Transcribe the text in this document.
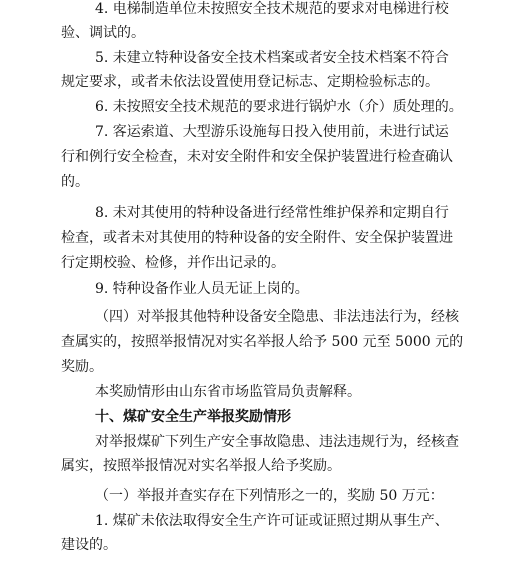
4. 电梯制造单位未按照安全技术规范的要求对电梯进行校
验、调试的。
5. 未建立特种设备安全技术档案或者安全技术档案不符合
规定要求，或者未依法设置使用登记标志、定期检验标志的。
6. 未按照安全技术规范的要求进行锅炉水（介）质处理的。
7. 客运索道、大型游乐设施每日投入使用前，未进行试运
行和例行安全检查，未对安全附件和安全保护装置进行检查确认
的。
8. 未对其使用的特种设备进行经常性维护保养和定期自行
检查，或者未对其使用的特种设备的安全附件、安全保护装置进
行定期校验、检修，并作出记录的。
9. 特种设备作业人员无证上岗的。
（四）对举报其他特种设备安全隐患、非法违法行为，经核
查属实的，按照举报情况对实名举报人给予 500 元至 5000 元的
奖励。
本奖励情形由山东省市场监管局负责解释。
十、煤矿安全生产举报奖励情形
对举报煤矿下列生产安全事故隐患、违法违规行为，经核查
属实，按照举报情况对实名举报人给予奖励。
（一）举报并查实存在下列情形之一的，奖励 50 万元：
1. 煤矿未依法取得安全生产许可证或证照过期从事生产、
建设的。
